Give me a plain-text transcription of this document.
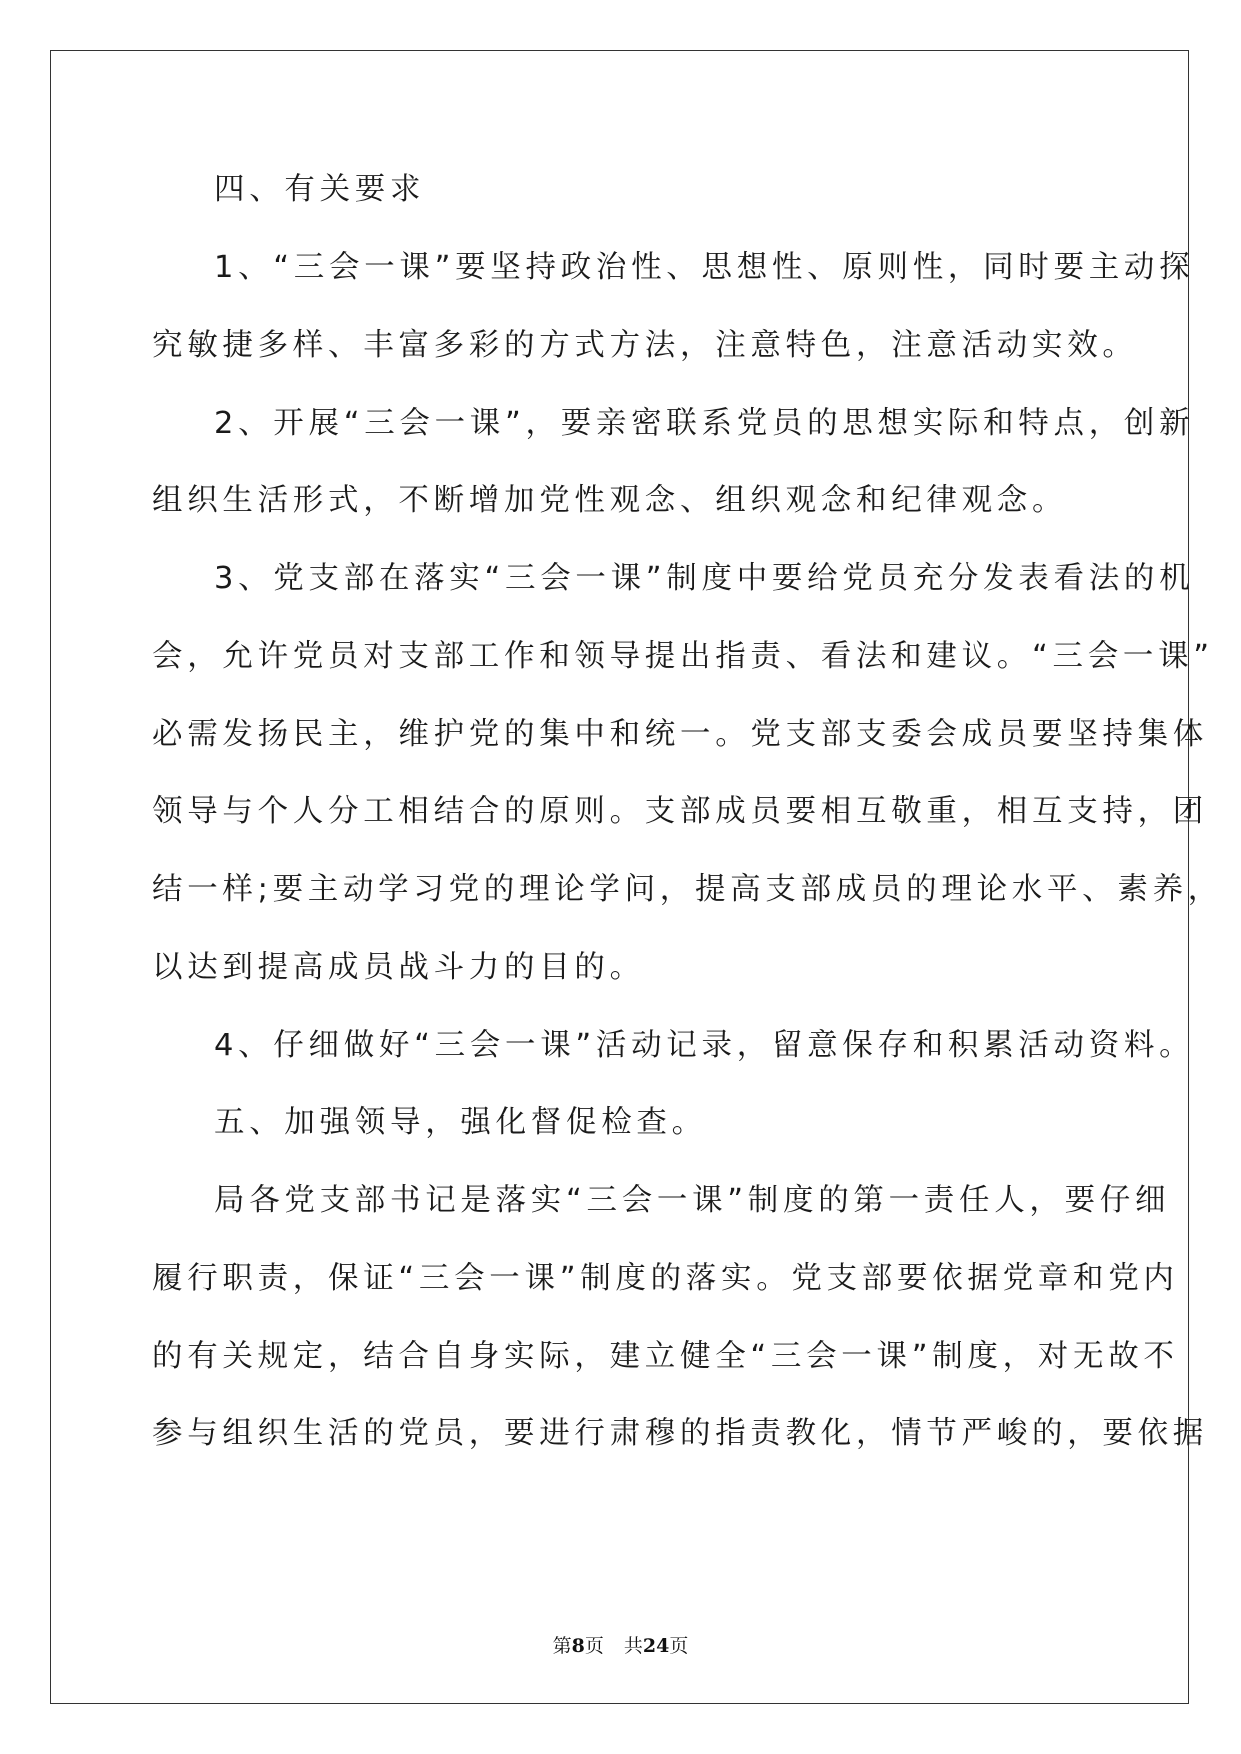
四、有关要求

1、“三会一课”要坚持政治性、思想性、原则性，同时要主动探

究敏捷多样、丰富多彩的方式方法，注意特色，注意活动实效。

2、开展“三会一课”，要亲密联系党员的思想实际和特点，创新

组织生活形式，不断增加党性观念、组织观念和纪律观念。

3、党支部在落实“三会一课”制度中要给党员充分发表看法的机

会，允许党员对支部工作和领导提出指责、看法和建议。“三会一课”

必需发扬民主，维护党的集中和统一。党支部支委会成员要坚持集体

领导与个人分工相结合的原则。支部成员要相互敬重，相互支持，团

结一样;要主动学习党的理论学问，提高支部成员的理论水平、素养，

以达到提高成员战斗力的目的。

4、仔细做好“三会一课”活动记录，留意保存和积累活动资料。

五、加强领导，强化督促检查。

局各党支部书记是落实“三会一课”制度的第一责任人，要仔细

履行职责，保证“三会一课”制度的落实。党支部要依据党章和党内

的有关规定，结合自身实际，建立健全“三会一课”制度，对无故不

参与组织生活的党员，要进行肃穆的指责教化，情节严峻的，要依据

第8页 共24页
